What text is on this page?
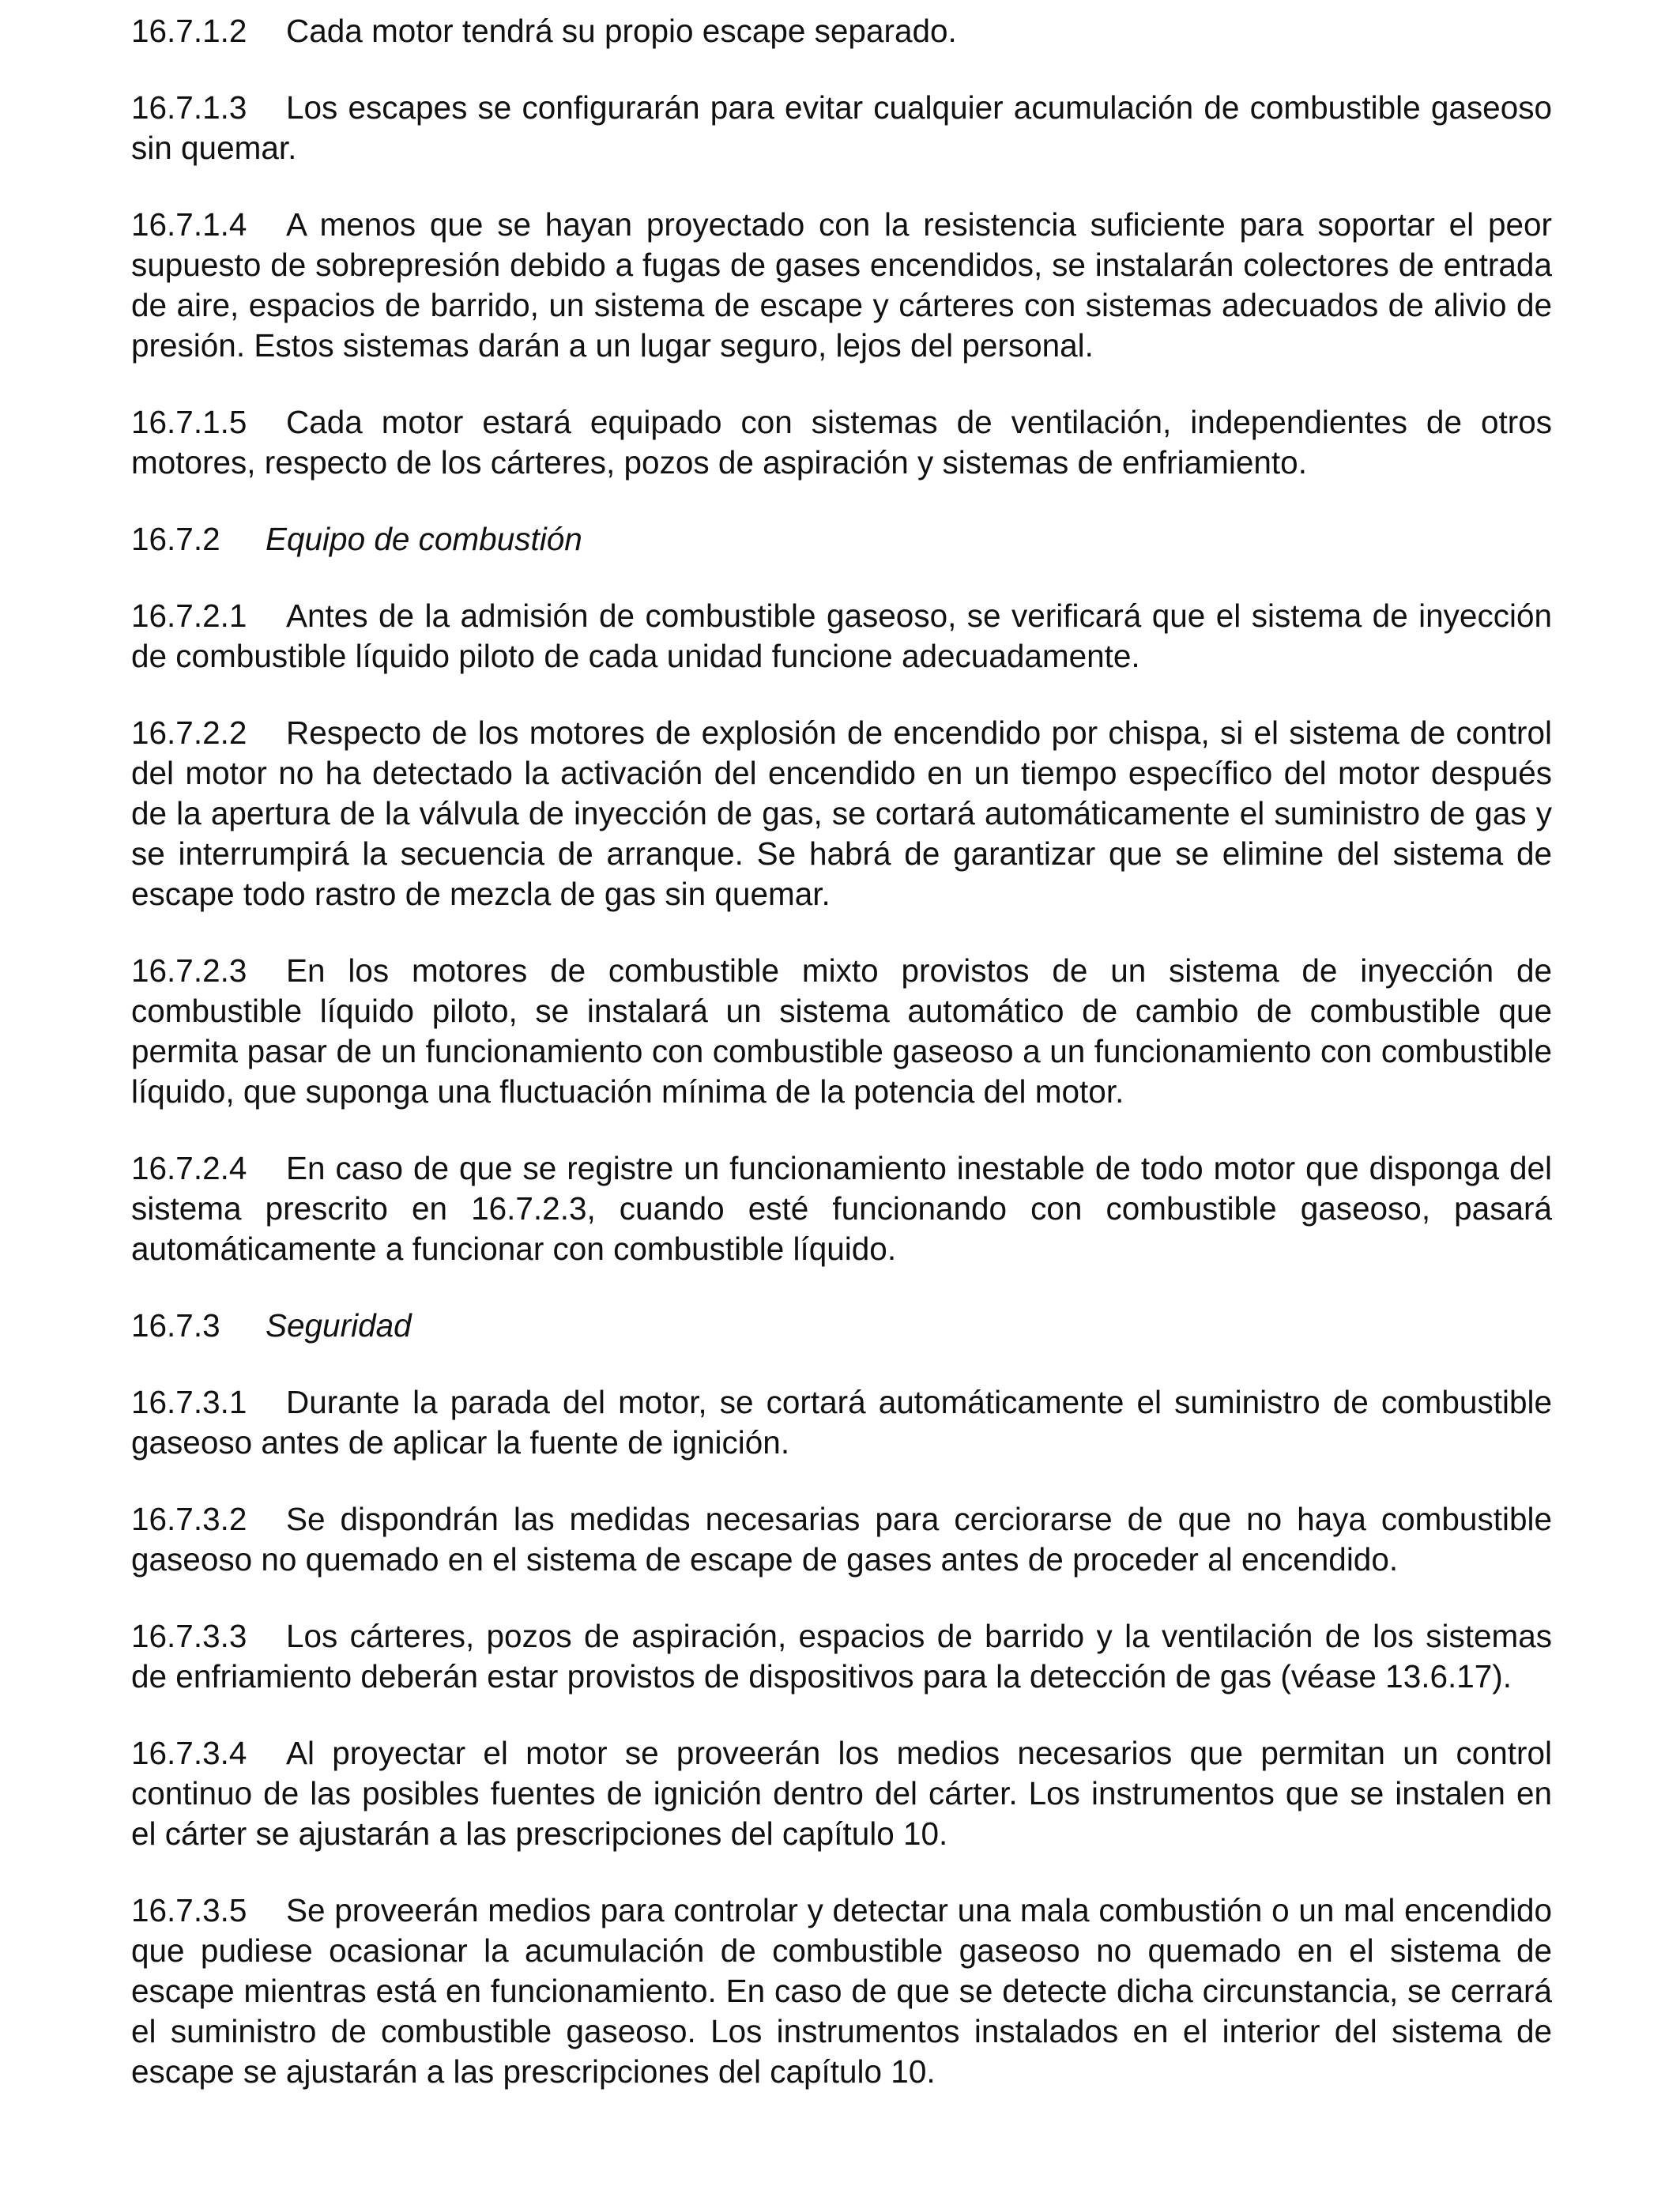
16.7.1.2 Cada motor tendrá su propio escape separado.

16.7.1.3 Los escapes se configurarán para evitar cualquier acumulación de combustible gaseoso sin quemar.

16.7.1.4 A menos que se hayan proyectado con la resistencia suficiente para soportar el peor supuesto de sobrepresión debido a fugas de gases encendidos, se instalarán colectores de entrada de aire, espacios de barrido, un sistema de escape y cárteres con sistemas adecuados de alivio de presión. Estos sistemas darán a un lugar seguro, lejos del personal.

16.7.1.5 Cada motor estará equipado con sistemas de ventilación, independientes de otros motores, respecto de los cárteres, pozos de aspiración y sistemas de enfriamiento.

16.7.2 Equipo de combustión

16.7.2.1 Antes de la admisión de combustible gaseoso, se verificará que el sistema de inyección de combustible líquido piloto de cada unidad funcione adecuadamente.

16.7.2.2 Respecto de los motores de explosión de encendido por chispa, si el sistema de control del motor no ha detectado la activación del encendido en un tiempo específico del motor después de la apertura de la válvula de inyección de gas, se cortará automáticamente el suministro de gas y se interrumpirá la secuencia de arranque. Se habrá de garantizar que se elimine del sistema de escape todo rastro de mezcla de gas sin quemar.

16.7.2.3 En los motores de combustible mixto provistos de un sistema de inyección de combustible líquido piloto, se instalará un sistema automático de cambio de combustible que permita pasar de un funcionamiento con combustible gaseoso a un funcionamiento con combustible líquido, que suponga una fluctuación mínima de la potencia del motor.

16.7.2.4 En caso de que se registre un funcionamiento inestable de todo motor que disponga del sistema prescrito en 16.7.2.3, cuando esté funcionando con combustible gaseoso, pasará automáticamente a funcionar con combustible líquido.

16.7.3 Seguridad

16.7.3.1 Durante la parada del motor, se cortará automáticamente el suministro de combustible gaseoso antes de aplicar la fuente de ignición.

16.7.3.2 Se dispondrán las medidas necesarias para cerciorarse de que no haya combustible gaseoso no quemado en el sistema de escape de gases antes de proceder al encendido.

16.7.3.3 Los cárteres, pozos de aspiración, espacios de barrido y la ventilación de los sistemas de enfriamiento deberán estar provistos de dispositivos para la detección de gas (véase 13.6.17).

16.7.3.4 Al proyectar el motor se proveerán los medios necesarios que permitan un control continuo de las posibles fuentes de ignición dentro del cárter. Los instrumentos que se instalen en el cárter se ajustarán a las prescripciones del capítulo 10.

16.7.3.5 Se proveerán medios para controlar y detectar una mala combustión o un mal encendido que pudiese ocasionar la acumulación de combustible gaseoso no quemado en el sistema de escape mientras está en funcionamiento. En caso de que se detecte dicha circunstancia, se cerrará el suministro de combustible gaseoso. Los instrumentos instalados en el interior del sistema de escape se ajustarán a las prescripciones del capítulo 10.
